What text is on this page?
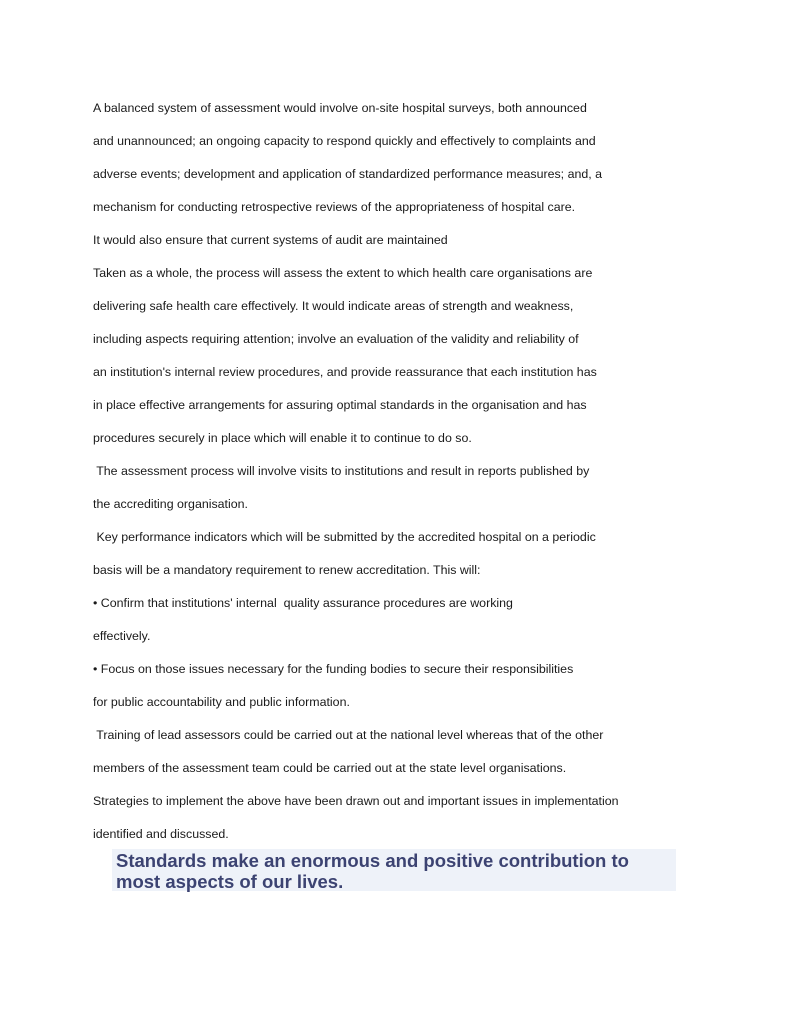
A balanced system of assessment would involve on-site hospital surveys, both announced
and unannounced; an ongoing capacity to respond quickly and effectively to complaints and
adverse events; development and application of standardized performance measures; and, a
mechanism for conducting retrospective reviews of the appropriateness of hospital care.
It would also ensure that current systems of audit are maintained
Taken as a whole, the process will assess the extent to which health care organisations are
delivering safe health care effectively. It would indicate areas of strength and weakness,
including aspects requiring attention; involve an evaluation of the validity and reliability of
an institution's internal review procedures, and provide reassurance that each institution has
in place effective arrangements for assuring optimal standards in the organisation and has
procedures securely in place which will enable it to continue to do so.
The assessment process will involve visits to institutions and result in reports published by
the accrediting organisation.
Key performance indicators which will be submitted by the accredited hospital on a periodic
basis will be a mandatory requirement to renew accreditation. This will:
• Confirm that institutions' internal  quality assurance procedures are working
effectively.
• Focus on those issues necessary for the funding bodies to secure their responsibilities
for public accountability and public information.
Training of lead assessors could be carried out at the national level whereas that of the other
members of the assessment team could be carried out at the state level organisations.
Strategies to implement the above have been drawn out and important issues in implementation
identified and discussed.
Standards make an enormous and positive contribution to
most aspects of our lives.
